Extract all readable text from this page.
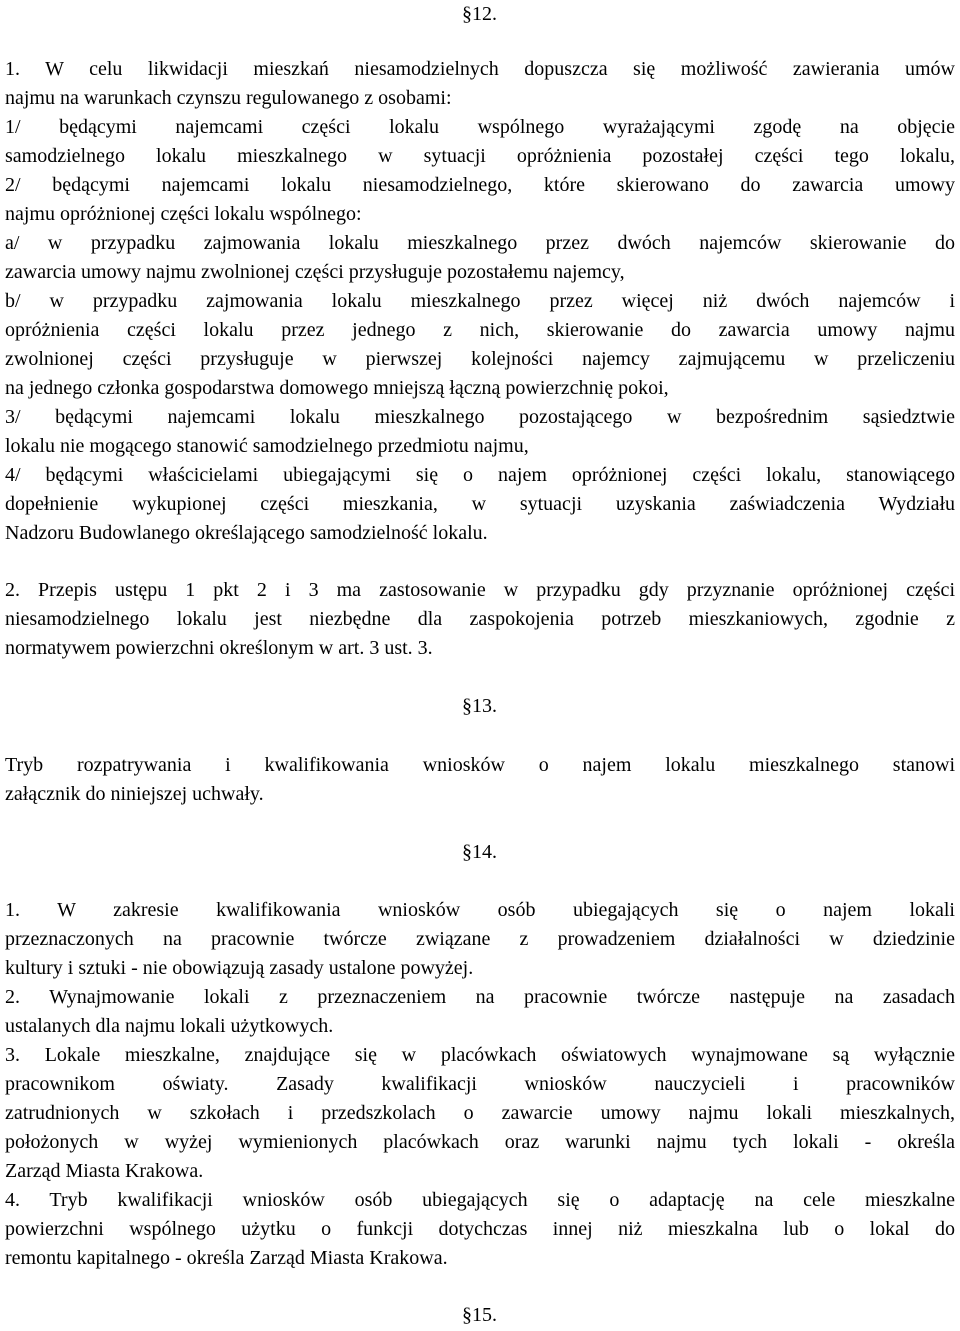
§12.
1. W celu likwidacji mieszkań niesamodzielnych dopuszcza się możliwość zawierania umów
najmu na warunkach czynszu regulowanego z osobami:
1/ będącymi najemcami części lokalu wspólnego wyrażającymi zgodę na objęcie
samodzielnego lokalu mieszkalnego w sytuacji opróżnienia pozostałej części tego lokalu,
2/ będącymi najemcami lokalu niesamodzielnego, które skierowano do zawarcia umowy
najmu opróżnionej części lokalu wspólnego:
a/ w przypadku zajmowania lokalu mieszkalnego przez dwóch najemców skierowanie do
zawarcia umowy najmu zwolnionej części przysługuje pozostałemu najemcy,
b/ w przypadku zajmowania lokalu mieszkalnego przez więcej niż dwóch najemców i
opróżnienia części lokalu przez jednego z nich, skierowanie do zawarcia umowy najmu
zwolnionej części przysługuje w pierwszej kolejności najemcy zajmującemu w przeliczeniu
na jednego członka gospodarstwa domowego mniejszą łączną powierzchnię pokoi,
3/ będącymi najemcami lokalu mieszkalnego pozostającego w bezpośrednim sąsiedztwie
lokalu nie mogącego stanowić samodzielnego przedmiotu najmu,
4/ będącymi właścicielami ubiegającymi się o najem opróżnionej części lokalu, stanowiącego
dopełnienie wykupionej części mieszkania, w sytuacji uzyskania zaświadczenia Wydziału
Nadzoru Budowlanego określającego samodzielność lokalu.
2. Przepis ustępu 1 pkt 2 i 3 ma zastosowanie w przypadku gdy przyznanie opróżnionej części
niesamodzielnego lokalu jest niezbędne dla zaspokojenia potrzeb mieszkaniowych, zgodnie z
normatywem powierzchni określonym w art. 3 ust. 3.
§13.
Tryb rozpatrywania i kwalifikowania wniosków o najem lokalu mieszkalnego stanowi
załącznik do niniejszej uchwały.
§14.
1. W zakresie kwalifikowania wniosków osób ubiegających się o najem lokali
przeznaczonych na pracownie twórcze związane z prowadzeniem działalności w dziedzinie
kultury i sztuki - nie obowiązują zasady ustalone powyżej.
2. Wynajmowanie lokali z przeznaczeniem na pracownie twórcze następuje na zasadach
ustalanych dla najmu lokali użytkowych.
3. Lokale mieszkalne, znajdujące się w placówkach oświatowych wynajmowane są wyłącznie
pracownikom oświaty. Zasady kwalifikacji wniosków nauczycieli i pracowników
zatrudnionych w szkołach i przedszkolach o zawarcie umowy najmu lokali mieszkalnych,
położonych w wyżej wymienionych placówkach oraz warunki najmu tych lokali - określa
Zarząd Miasta Krakowa.
4. Tryb kwalifikacji wniosków osób ubiegających się o adaptację na cele mieszkalne
powierzchni wspólnego użytku o funkcji dotychczas innej niż mieszkalna lub o lokal do
remontu kapitalnego - określa Zarząd Miasta Krakowa.
§15.
